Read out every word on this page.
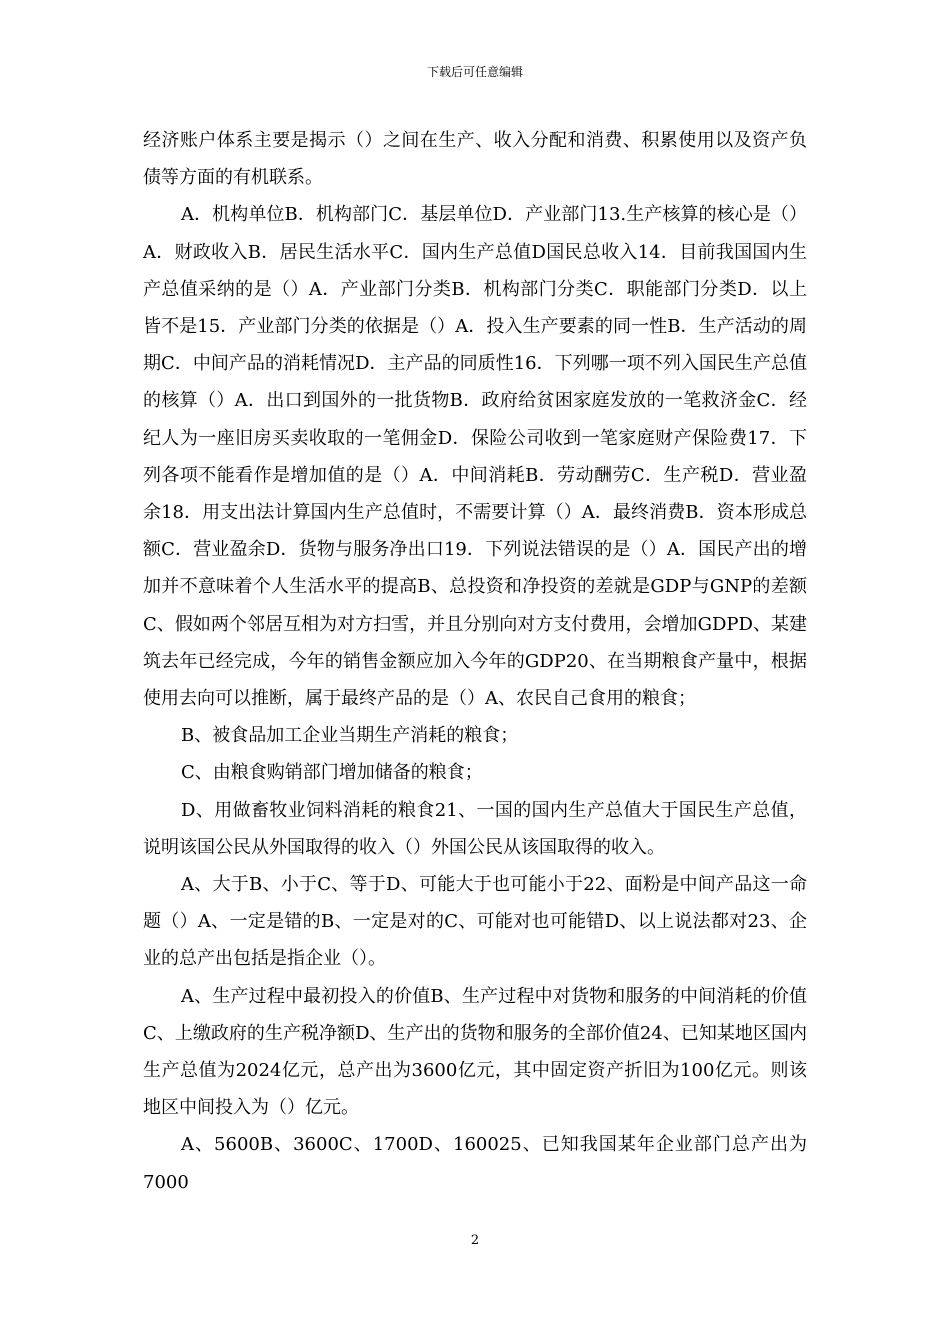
下载后可任意编辑

经济账户体系主要是揭示（）之间在生产、收入分配和消费、积累使用以及资产负债等方面的有机联系。

A．机构单位B．机构部门C．基层单位D．产业部门13.生产核算的核心是（）A．财政收入B．居民生活水平C．国内生产总值D国民总收入14．目前我国国内生产总值采纳的是（）A．产业部门分类B．机构部门分类C．职能部门分类D．以上皆不是15．产业部门分类的依据是（）A．投入生产要素的同一性B．生产活动的周期C．中间产品的消耗情况D．主产品的同质性16．下列哪一项不列入国民生产总值的核算（）A．出口到国外的一批货物B．政府给贫困家庭发放的一笔救济金C．经纪人为一座旧房买卖收取的一笔佣金D．保险公司收到一笔家庭财产保险费17．下列各项不能看作是增加值的是（）A．中间消耗B．劳动酬劳C．生产税D．营业盈余18．用支出法计算国内生产总值时，不需要计算（）A．最终消费B．资本形成总额C．营业盈余D．货物与服务净出口19．下列说法错误的是（）A．国民产出的增加并不意味着个人生活水平的提高B、总投资和净投资的差就是GDP与GNP的差额C、假如两个邻居互相为对方扫雪，并且分别向对方支付费用，会增加GDPD、某建筑去年已经完成，今年的销售金额应加入今年的GDP20、在当期粮食产量中，根据使用去向可以推断，属于最终产品的是（）A、农民自己食用的粮食；

B、被食品加工企业当期生产消耗的粮食；

C、由粮食购销部门增加储备的粮食；

D、用做畜牧业饲料消耗的粮食21、一国的国内生产总值大于国民生产总值，说明该国公民从外国取得的收入（）外国公民从该国取得的收入。

A、大于B、小于C、等于D、可能大于也可能小于22、面粉是中间产品这一命题（）A、一定是错的B、一定是对的C、可能对也可能错D、以上说法都对23、企业的总产出包括是指企业（）。

A、生产过程中最初投入的价值B、生产过程中对货物和服务的中间消耗的价值C、上缴政府的生产税净额D、生产出的货物和服务的全部价值24、已知某地区国内生产总值为2024亿元，总产出为3600亿元，其中固定资产折旧为100亿元。则该地区中间投入为（）亿元。

A、5600B、3600C、1700D、160025、已知我国某年企业部门总产出为7000

2
